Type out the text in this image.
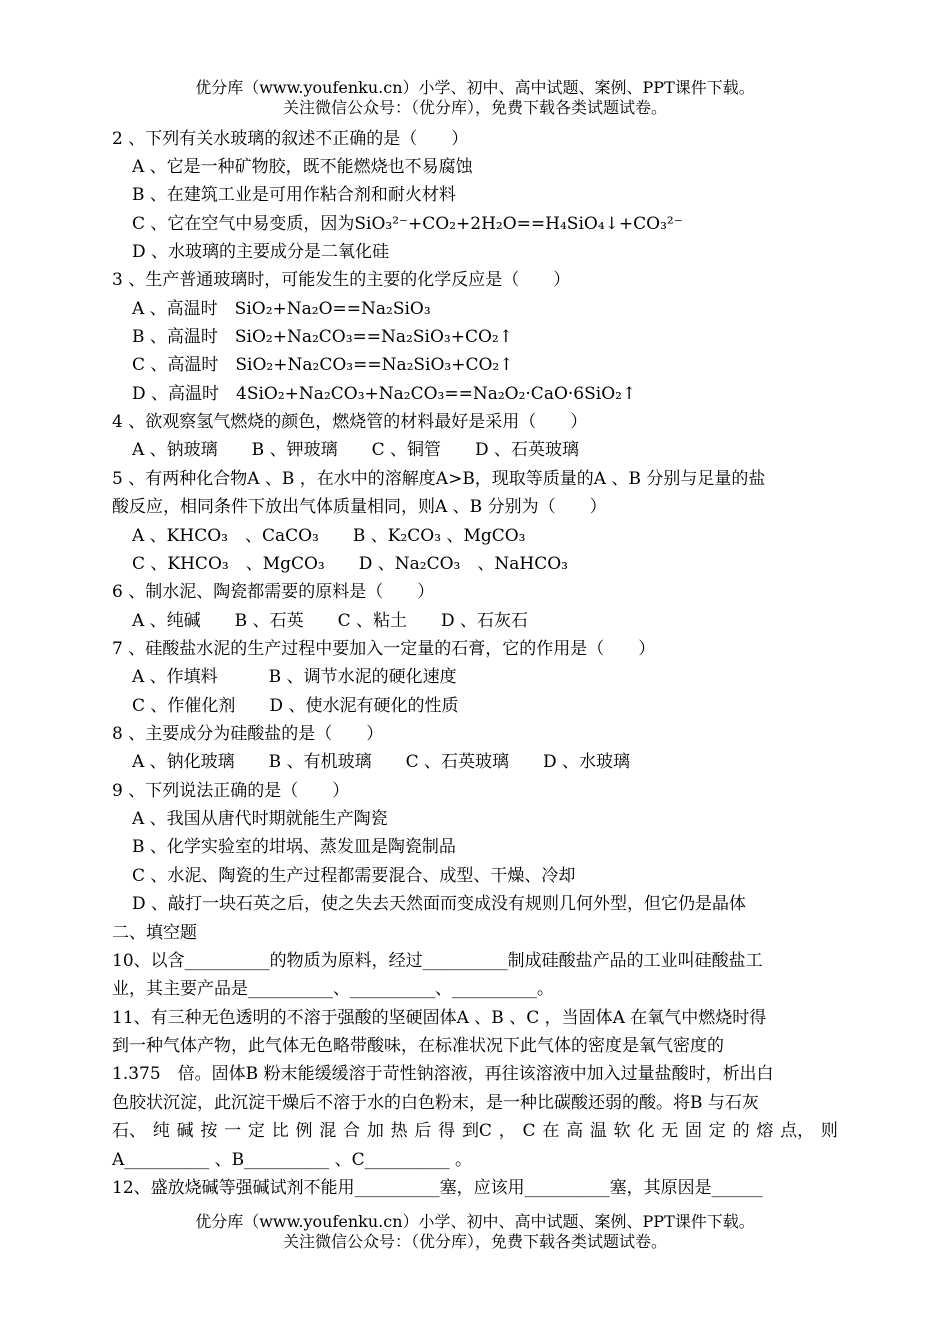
优分库（www.youfenku.cn）小学、初中、高中试题、案例、PPT课件下载。
关注微信公众号：（优分库），免费下载各类试题试卷。
2 、下列有关水玻璃的叙述不正确的是（　　）
A 、它是一种矿物胶，既不能燃烧也不易腐蚀
B 、在建筑工业是可用作粘合剂和耐火材料
C 、它在空气中易变质，因为SiO₃²⁻+CO₂+2H₂O==H₄SiO₄↓+CO₃²⁻
D 、水玻璃的主要成分是二氧化硅
3 、生产普通玻璃时，可能发生的主要的化学反应是（　　）
A 、高温时　SiO₂+Na₂O==Na₂SiO₃
B 、高温时　SiO₂+Na₂CO₃==Na₂SiO₃+CO₂↑
C 、高温时　SiO₂+Na₂CO₃==Na₂SiO₃+CO₂↑
D 、高温时　4SiO₂+Na₂CO₃+Na₂CO₃==Na₂O₂·CaO·6SiO₂↑
4 、欲观察氢气燃烧的颜色，燃烧管的材料最好是采用（　　）
A 、钠玻璃　　B 、钾玻璃　　C 、铜管　　D 、石英玻璃
5 、有两种化合物A 、B ，在水中的溶解度A>B，现取等质量的A 、B 分别与足量的盐
酸反应，相同条件下放出气体质量相同，则A 、B 分别为（　　）
A 、KHCO₃　、CaCO₃　　B 、K₂CO₃ 、MgCO₃
C 、KHCO₃　、MgCO₃　　D 、Na₂CO₃　、NaHCO₃
6 、制水泥、陶瓷都需要的原料是（　　）
A 、纯碱　　B 、石英　　C 、粘土　　D 、石灰石
7 、硅酸盐水泥的生产过程中要加入一定量的石膏，它的作用是（　　）
A 、作填料　　　B 、调节水泥的硬化速度
C 、作催化剂　　D 、使水泥有硬化的性质
8 、主要成分为硅酸盐的是（　　）
A 、钠化玻璃　　B 、有机玻璃　　C 、石英玻璃　　D 、水玻璃
9 、下列说法正确的是（　　）
A 、我国从唐代时期就能生产陶瓷
B 、化学实验室的坩埚、蒸发皿是陶瓷制品
C 、水泥、陶瓷的生产过程都需要混合、成型、干燥、冷却
D 、敲打一块石英之后，使之失去天然面而变成没有规则几何外型，但它仍是晶体
二、填空题
10、以含__________的物质为原料，经过__________制成硅酸盐产品的工业叫硅酸盐工
业，其主要产品是__________、__________、__________。
11、有三种无色透明的不溶于强酸的坚硬固体A 、B 、C ，当固体A 在氧气中燃烧时得
到一种气体产物，此气体无色略带酸味，在标准状况下此气体的密度是氧气密度的
1.375　倍。固体B 粉末能缓缓溶于苛性钠溶液，再往该溶液中加入过量盐酸时，析出白
色胶状沉淀，此沉淀干燥后不溶于水的白色粉末，是一种比碳酸还弱的酸。将B 与石灰
石、 纯 碱 按 一 定 比 例 混 合 加 热 后 得 到C ， C 在 高 温 软 化 无 固 定 的 熔 点， 则
A__________ 、B__________ 、C__________ 。
12、盛放烧碱等强碱试剂不能用__________塞，应该用__________塞，其原因是______
优分库（www.youfenku.cn）小学、初中、高中试题、案例、PPT课件下载。
关注微信公众号：（优分库），免费下载各类试题试卷。
